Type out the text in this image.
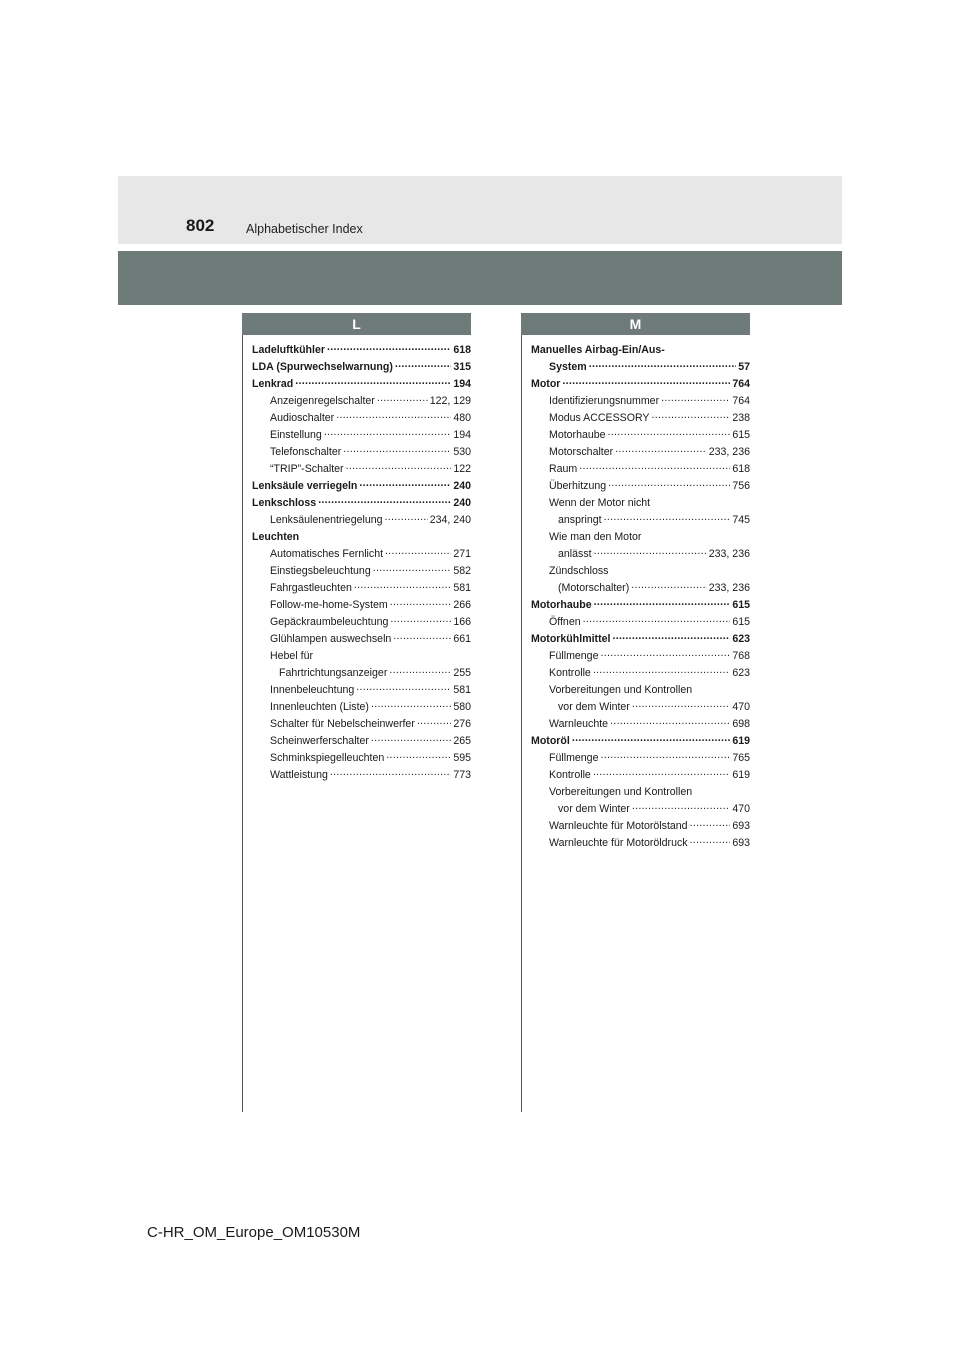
802	Alphabetischer Index
L	M
Ladeluftkühler .....	618
LDA (Spurwechselwarnung) .....	315
Lenkrad .....	194
Anzeigenregelschalter .....	122, 129
Audioschalter .....	480
Einstellung .....	194
Telefonschalter .....	530
“TRIP”-Schalter .....	122
Lenksäule verriegeln .....	240
Lenkschloss .....	240
Lenksäulenentriegelung .....	234, 240
Leuchten
Automatisches Fernlicht .....	271
Einstiegsbeleuchtung .....	582
Fahrgastleuchten .....	581
Follow-me-home-System .....	266
Gepäckraumbeleuchtung .....	166
Glühlampen auswechseln .....	661
Hebel für
Fahrtrichtungsanzeiger .....	255
Innenbeleuchtung .....	581
Innenleuchten (Liste) .....	580
Schalter für Nebelscheinwerfer .....	276
Scheinwerferschalter .....	265
Schminkspiegelleuchten .....	595
Wattleistung .....	773
Manuelles Airbag-Ein/Aus-
System .....	57
Motor .....	764
Identifizierungsnummer .....	764
Modus ACCESSORY .....	238
Motorhaube .....	615
Motorschalter .....	233, 236
Raum .....	618
Überhitzung .....	756
Wenn der Motor nicht
anspringt .....	745
Wie man den Motor
anlässt .....	233, 236
Zündschloss
(Motorschalter) .....	233, 236
Motorhaube .....	615
Öffnen .....	615
Motorkühlmittel .....	623
Füllmenge .....	768
Kontrolle .....	623
Vorbereitungen und Kontrollen
vor dem Winter .....	470
Warnleuchte .....	698
Motoröl .....	619
Füllmenge .....	765
Kontrolle .....	619
Vorbereitungen und Kontrollen
vor dem Winter .....	470
Warnleuchte für Motorölstand .....	693
Warnleuchte für Motoröldruck .....	693
C-HR_OM_Europe_OM10530M
